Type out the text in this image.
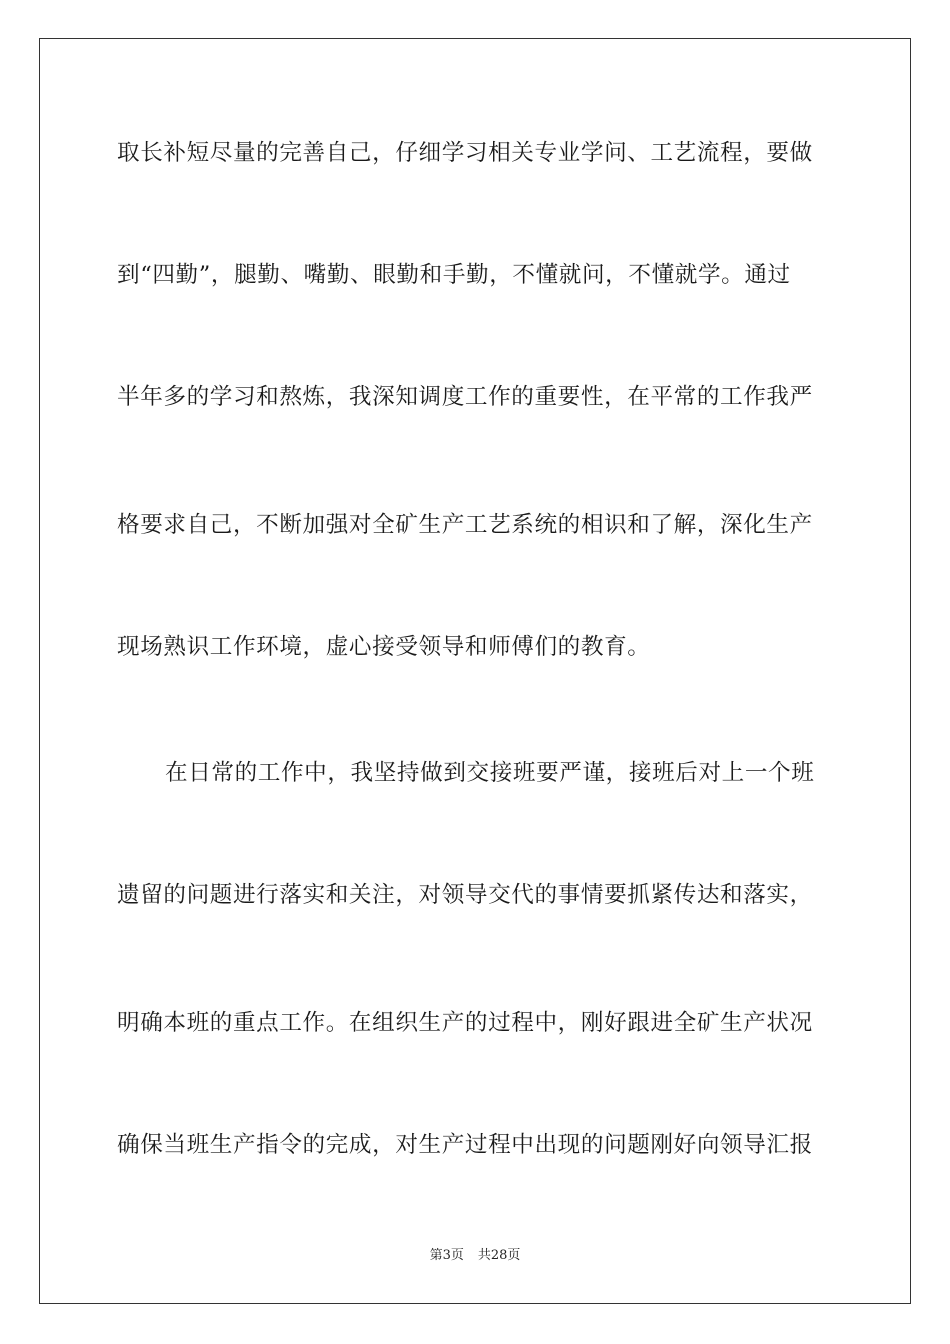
取长补短尽量的完善自己，仔细学习相关专业学问、工艺流程，要做
到“四勤”，腿勤、嘴勤、眼勤和手勤，不懂就问，不懂就学。通过
半年多的学习和熬炼，我深知调度工作的重要性，在平常的工作我严
格要求自己，不断加强对全矿生产工艺系统的相识和了解，深化生产
现场熟识工作环境，虚心接受领导和师傅们的教育。
在日常的工作中，我坚持做到交接班要严谨，接班后对上一个班
遗留的问题进行落实和关注，对领导交代的事情要抓紧传达和落实，
明确本班的重点工作。在组织生产的过程中，刚好跟进全矿生产状况
确保当班生产指令的完成，对生产过程中出现的问题刚好向领导汇报
第3页 共28页
